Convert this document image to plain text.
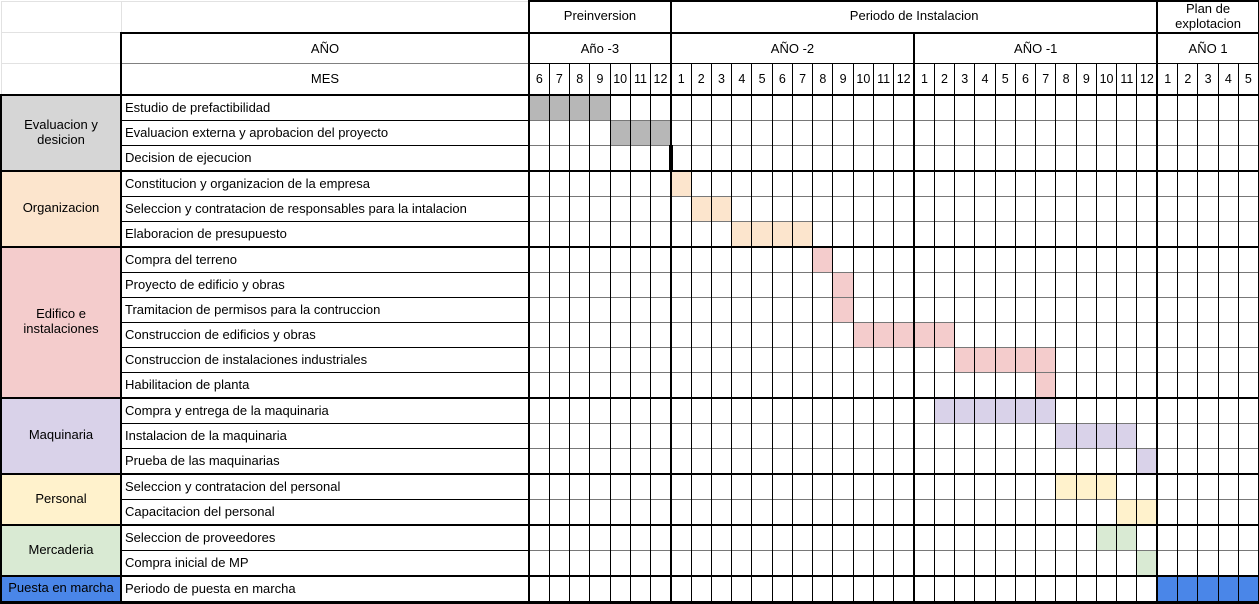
		Preinversion							Periodo de Instalacion																								Plan de explotacion				
	AÑO	Año -3							AÑO -2												AÑO -1												AÑO 1				
	MES	6	7	8	9	10	11	12	1	2	3	4	5	6	7	8	9	10	11	12	1	2	3	4	5	6	7	8	9	10	11	12	1	2	3	4	5
Evaluacion y desicion	Estudio de prefactibilidad																																				
	Evaluacion externa y aprobacion del proyecto																																				
	Decision de ejecucion																																				
Organizacion	Constitucion y organizacion de la empresa																																				
	Seleccion y contratacion de responsables para la intalacion																																				
	Elaboracion de presupuesto																																				
Edifico e instalaciones	Compra del terreno																																				
	Proyecto de edificio y obras																																				
	Tramitacion de permisos para la contruccion																																				
	Construccion de edificios y obras																																				
	Construccion de instalaciones industriales																																				
	Habilitacion de planta																																				
Maquinaria	Compra y entrega de la maquinaria																																				
	Instalacion de la maquinaria																																				
	Prueba de las maquinarias																																				
Personal	Seleccion y contratacion del personal																																				
	Capacitacion del personal																																				
Mercaderia	Seleccion de proveedores																																				
	Compra inicial de MP																																				
Puesta en marcha	Periodo de puesta en marcha																																				
